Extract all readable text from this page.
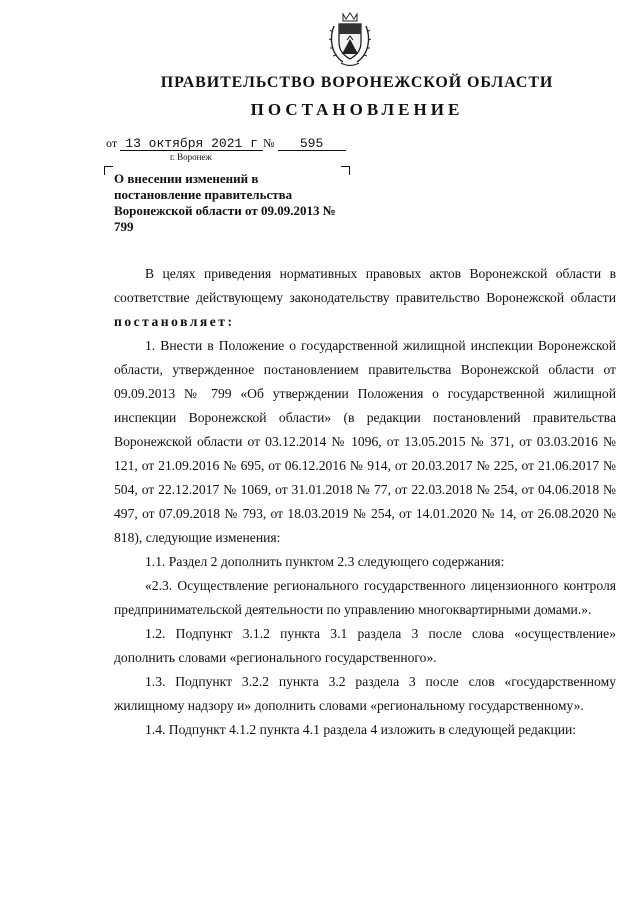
ПРАВИТЕЛЬСТВО ВОРОНЕЖСКОЙ ОБЛАСТИ
ПОСТАНОВЛЕНИЕ
от 13 октября 2021 г № 595
г. Воронеж
О внесении изменений в постановление правительства Воронежской области от 09.09.2013 № 799

В целях приведения нормативных правовых актов Воронежской области в соответствие действующему законодательству правительство Воронежской области постановляет:

1. Внести в Положение о государственной жилищной инспекции Воронежской области, утвержденное постановлением правительства Воронежской области от 09.09.2013 № 799 «Об утверждении Положения о государственной жилищной инспекции Воронежской области» (в редакции постановлений правительства Воронежской области от 03.12.2014 № 1096, от 13.05.2015 № 371, от 03.03.2016 № 121, от 21.09.2016 № 695, от 06.12.2016 № 914, от 20.03.2017 № 225, от 21.06.2017 № 504, от 22.12.2017 № 1069, от 31.01.2018 № 77, от 22.03.2018 № 254, от 04.06.2018 № 497, от 07.09.2018 № 793, от 18.03.2019 № 254, от 14.01.2020 № 14, от 26.08.2020 № 818), следующие изменения:

1.1. Раздел 2 дополнить пунктом 2.3 следующего содержания:

«2.3. Осуществление регионального государственного лицензионного контроля предпринимательской деятельности по управлению многоквартирными домами.».

1.2. Подпункт 3.1.2 пункта 3.1 раздела 3 после слова «осуществление» дополнить словами «регионального государственного».

1.3. Подпункт 3.2.2 пункта 3.2 раздела 3 после слов «государственному жилищному надзору и» дополнить словами «региональному государственному».

1.4. Подпункт 4.1.2 пункта 4.1 раздела 4 изложить в следующей редакции:
